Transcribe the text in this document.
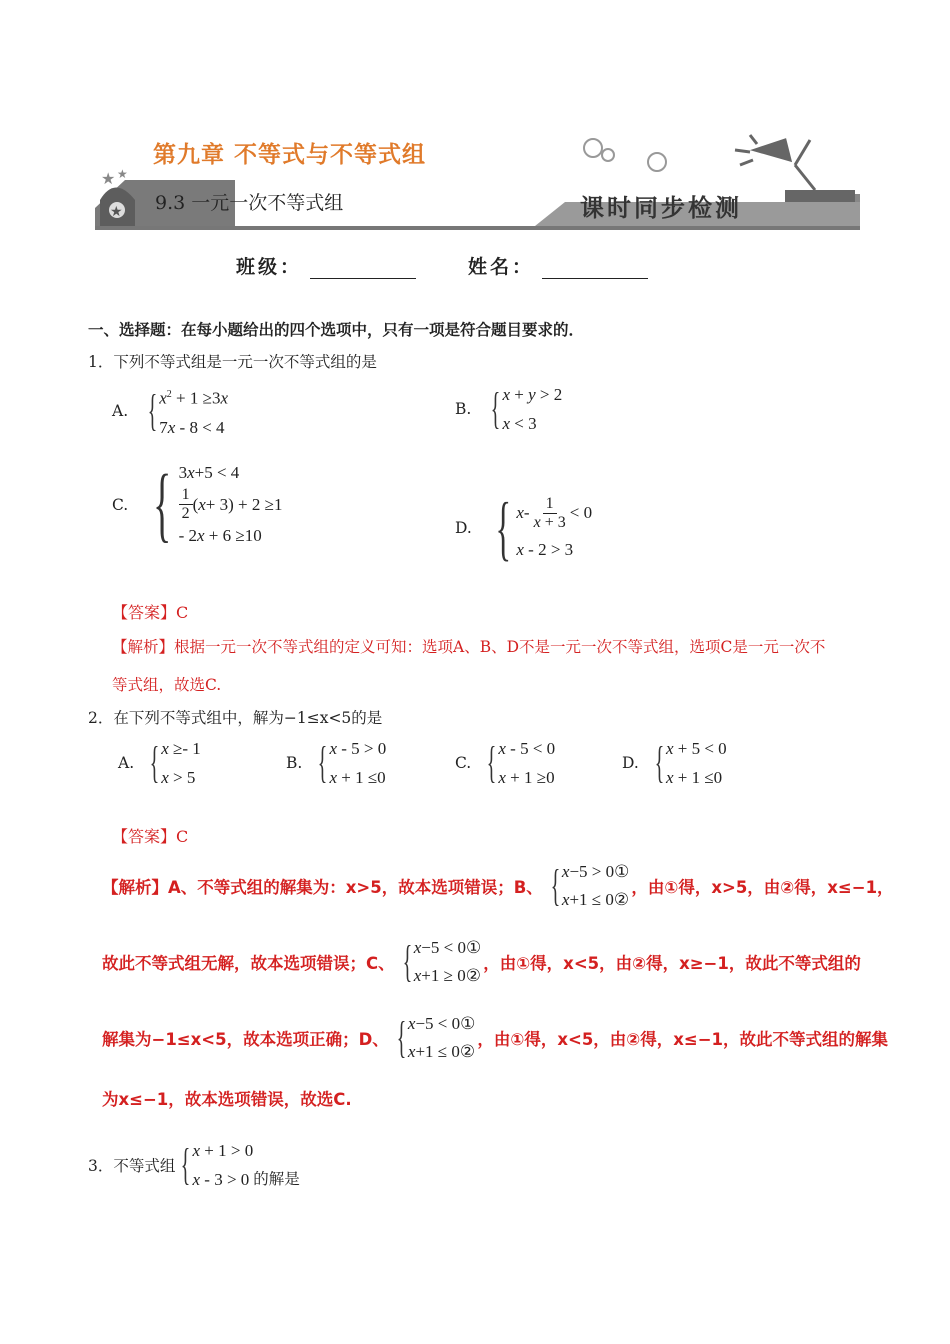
★
★ ★
第九章 不等式与不等式组
9.3 一元一次不等式组	课时同步检测
班级：	姓名：
一、选择题：在每小题给出的四个选项中，只有一项是符合题目要求的．
1．下列不等式组是一元一次不等式组的是
A. { $x^2 + 1 \ge 3x$
7x - 8 < 4
B. { x + y > 2
x < 3
C. { 3x+5 < 4
$\frac{1}{2}$ ( x + 3) + 2 ≥1
- 2x + 6 ≥10	D. { $x - \frac{1}{x + 3} < 0$
x - 2 > 3
【答案】C
【解析】根据一元一次不等式组的定义可知：选项A、B、D不是一元一次不等式组，选项C是一元一次不
等式组，故选C.
2．在下列不等式组中，解为−1≤x<5的是
A. { x ≥- 1
x > 5
B. { x - 5 > 0
x + 1 ≤0
C. { x - 5 < 0
x + 1 ≥0
D. { x + 5 < 0
x + 1 ≤0
【答案】C
【解析】A、不等式组的解集为：x>5，故本选项错误；B、 { x−5 > 0①
x+1 ≤ 0②
，由①得，x>5，由②得，x≤−1，
故此不等式组无解，故本选项错误；C、 { x−5 < 0①
x+1 ≥ 0②
，由①得，x<5，由②得，x≥−1，故此不等式组的
解集为−1≤x<5，故本选项正确；D、 { x−5 < 0①
x+1 ≤ 0②
，由①得，x<5，由②得，x≤−1，故此不等式组的解集
为x≤−1，故本选项错误，故选C.
3．不等式组 { x + 1 > 0
x - 3 > 0 的解是
